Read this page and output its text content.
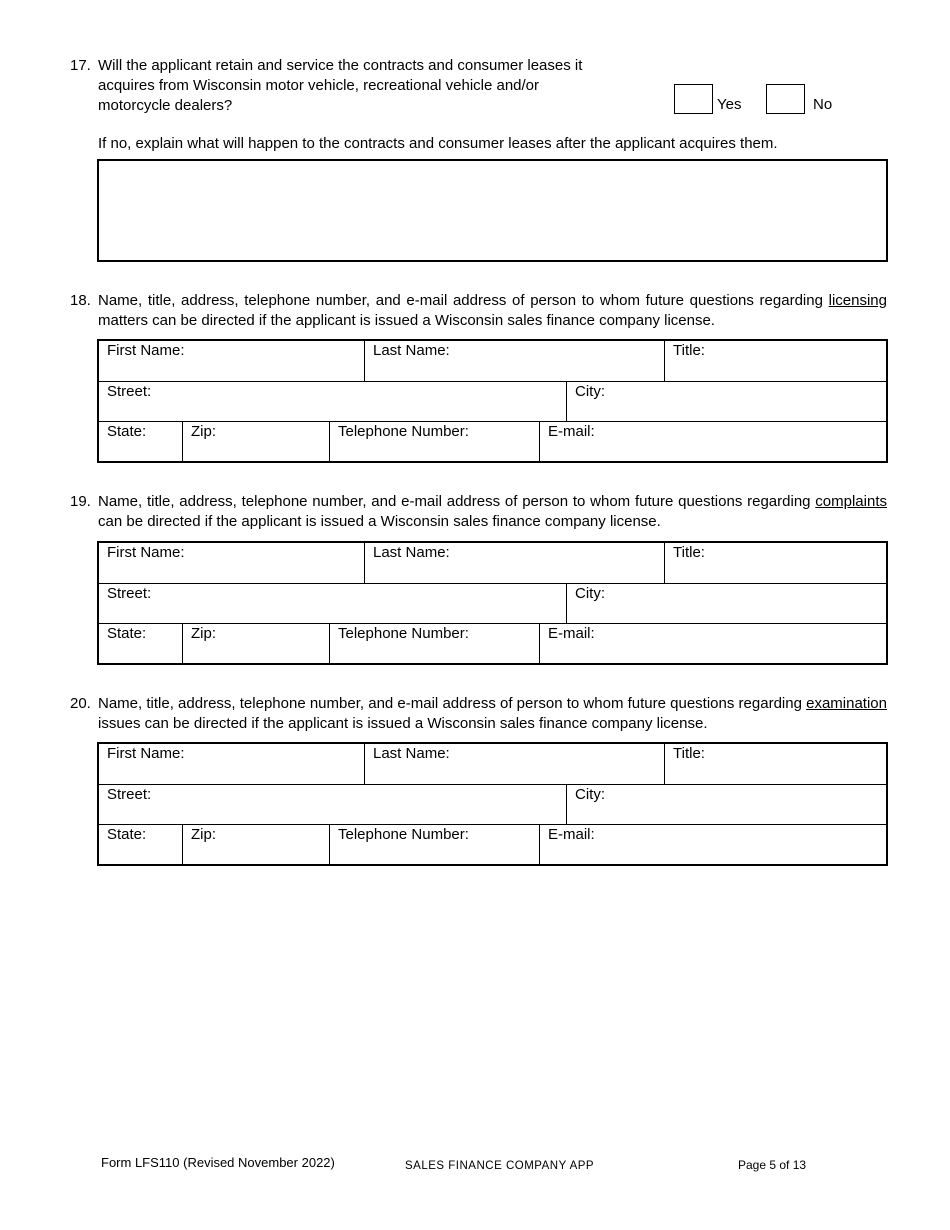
17. Will the applicant retain and service the contracts and consumer leases it acquires from Wisconsin motor vehicle, recreational vehicle and/or motorcycle dealers?	Yes	No
If no, explain what will happen to the contracts and consumer leases after the applicant acquires them.
18. Name, title, address, telephone number, and e-mail address of person to whom future questions regarding licensing matters can be directed if the applicant is issued a Wisconsin sales finance company license.
First Name:	Last Name:	Title:
Street:	City:
State:	Zip:	Telephone Number:	E-mail:
19. Name, title, address, telephone number, and e-mail address of person to whom future questions regarding complaints can be directed if the applicant is issued a Wisconsin sales finance company license.
First Name:	Last Name:	Title:
Street:	City:
State:	Zip:	Telephone Number:	E-mail:
20. Name, title, address, telephone number, and e-mail address of person to whom future questions regarding examination issues can be directed if the applicant is issued a Wisconsin sales finance company license.
First Name:	Last Name:	Title:
Street:	City:
State:	Zip:	Telephone Number:	E-mail:
Form LFS110 (Revised November 2022)	SALES FINANCE COMPANY APP	Page 5 of 13
